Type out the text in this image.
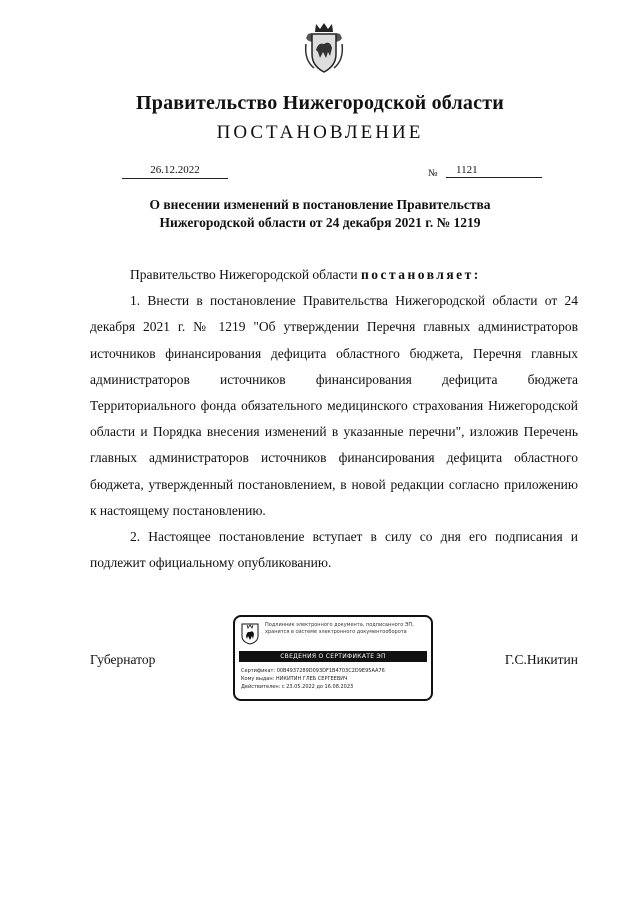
Правительство Нижегородской области
ПОСТАНОВЛЕНИЕ
26.12.2022	№	1121
О внесении изменений в постановление Правительства
Нижегородской области от 24 декабря 2021 г. № 1219

Правительство Нижегородской области постановляет:

1. Внести в постановление Правительства Нижегородской области от 24 декабря 2021 г. № 1219 "Об утверждении Перечня главных администраторов источников финансирования дефицита областного бюджета, Перечня главных администраторов источников финансирования дефицита бюджета Территориального фонда обязательного медицинского страхования Нижегородской области и Порядка внесения изменений в указанные перечни", изложив Перечень главных администраторов источников финансирования дефицита областного бюджета, утвержденный постановлением, в новой редакции согласно приложению к настоящему постановлению.

2. Настоящее постановление вступает в силу со дня его подписания и подлежит официальному опубликованию.

Губернатор	Г.С.Никитин
Подлинник электронного документа, подписанного ЭП,
хранится в системе электронного документооборота
СВЕДЕНИЯ О СЕРТИФИКАТЕ ЭП
Сертификат: 00B4937289D093DF1B4703C2D9E95AA76
Кому выдан: НИКИТИН ГЛЕБ СЕРГЕЕВИЧ
Действителен: с 23.05.2022 до 16.08.2023
